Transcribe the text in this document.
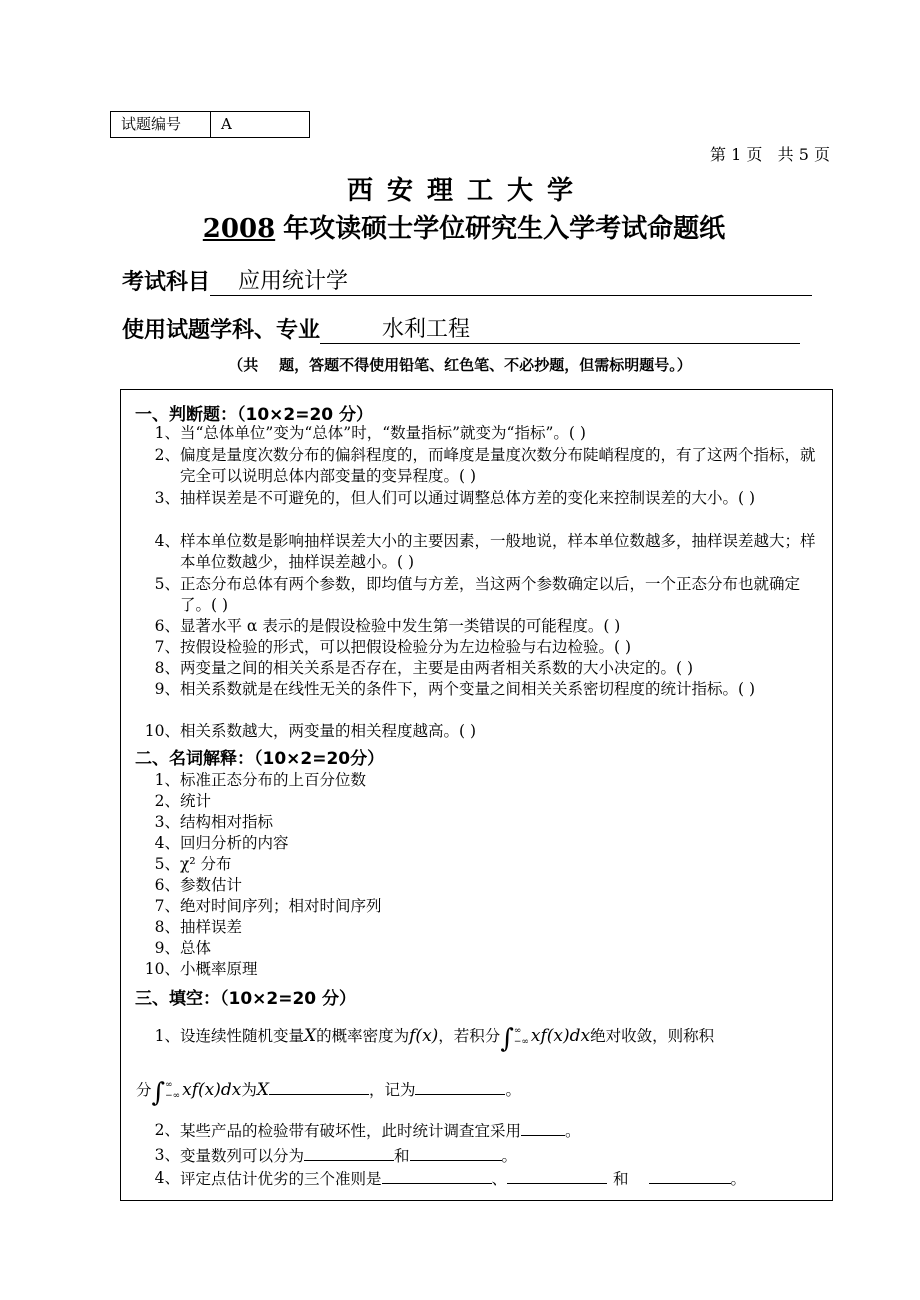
试题编号	A
第 1 页   共 5 页
西安理工大学
2008 年攻读硕士学位研究生入学考试命题纸
考试科目	应用统计学
使用试题学科、专业	水利工程
（共    题，答题不得使用铅笔、红色笔、不必抄题，但需标明题号。）
一、判断题：（10×2=20 分）
1、 当“总体单位”变为“总体”时，“数量指标”就变为“指标”。( )
2、 偏度是量度次数分布的偏斜程度的，而峰度是量度次数分布陡峭程度的，有了这两个指标，就完全可以说明总体内部变量的变异程度。( )
3、 抽样误差是不可避免的，但人们可以通过调整总体方差的变化来控制误差的大小。( )
4、 样本单位数是影响抽样误差大小的主要因素，一般地说，样本单位数越多，抽样误差越大；样本单位数越少，抽样误差越小。( )
5、 正态分布总体有两个参数，即均值与方差，当这两个参数确定以后，一个正态分布也就确定了。( )
6、 显著水平 α 表示的是假设检验中发生第一类错误的可能程度。( )
7、 按假设检验的形式，可以把假设检验分为左边检验与右边检验。( )
8、 两变量之间的相关关系是否存在，主要是由两者相关系数的大小决定的。( )
9、 相关系数就是在线性无关的条件下，两个变量之间相关关系密切程度的统计指标。( )
10、 相关系数越大，两变量的相关程度越高。( )
二、名词解释：（10×2=20分）
1、 标准正态分布的上百分位数
2、 统计
3、 结构相对指标
4、 回归分析的内容
5、 χ² 分布
6、 参数估计
7、 绝对时间序列；相对时间序列
8、 抽样误差
9、 总体
10、 小概率原理
三、填空：（10×2=20 分）
1、 设连续性随机变量X的概率密度为f(x)，若积分∫ ∞
−∞ xf(x)dx绝对收敛，则称积
分∫ ∞
−∞ xf(x)dx为X	，记为	。
2、 某些产品的检验带有破坏性，此时统计调查宜采用	。
3、 变量数列可以分为	和	。
4、 评定点估计优劣的三个准则是	、	和	。
